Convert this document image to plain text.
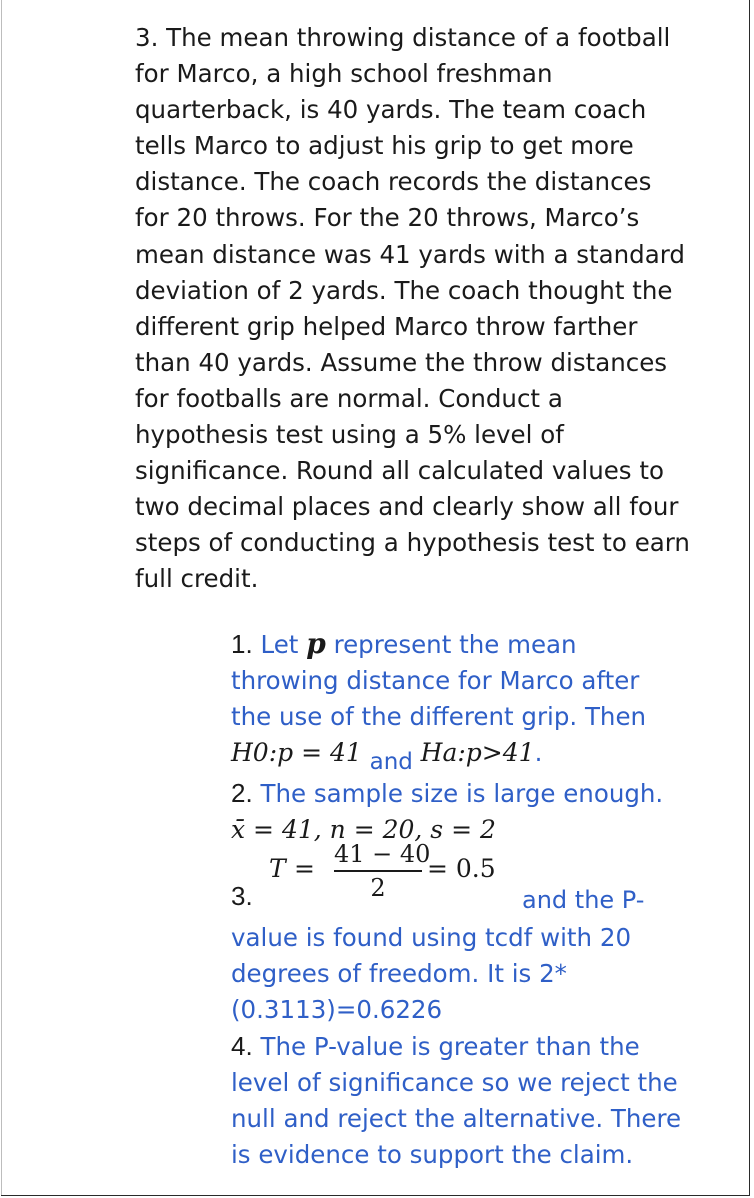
3. The mean throwing distance of a football
for Marco, a high school freshman
quarterback, is 40 yards. The team coach
tells Marco to adjust his grip to get more
distance. The coach records the distances
for 20 throws. For the 20 throws, Marco’s
mean distance was 41 yards with a standard
deviation of 2 yards. The coach thought the
different grip helped Marco throw farther
than 40 yards. Assume the throw distances
for footballs are normal. Conduct a
hypothesis test using a 5% level of
significance. Round all calculated values to
two decimal places and clearly show all four
steps of conducting a hypothesis test to earn
full credit.
1. Let p represent the mean
throwing distance for Marco after
the use of the different grip. Then
H0:p = 41 and Ha:p>41.
2. The sample size is large enough.
x̄ = 41, n = 20, s = 2
3.
T = 41 − 40
2
= 0.5
and the P-
value is found using tcdf with 20
degrees of freedom. It is 2*
(0.3113)=0.6226
4. The P-value is greater than the
level of significance so we reject the
null and reject the alternative. There
is evidence to support the claim.
